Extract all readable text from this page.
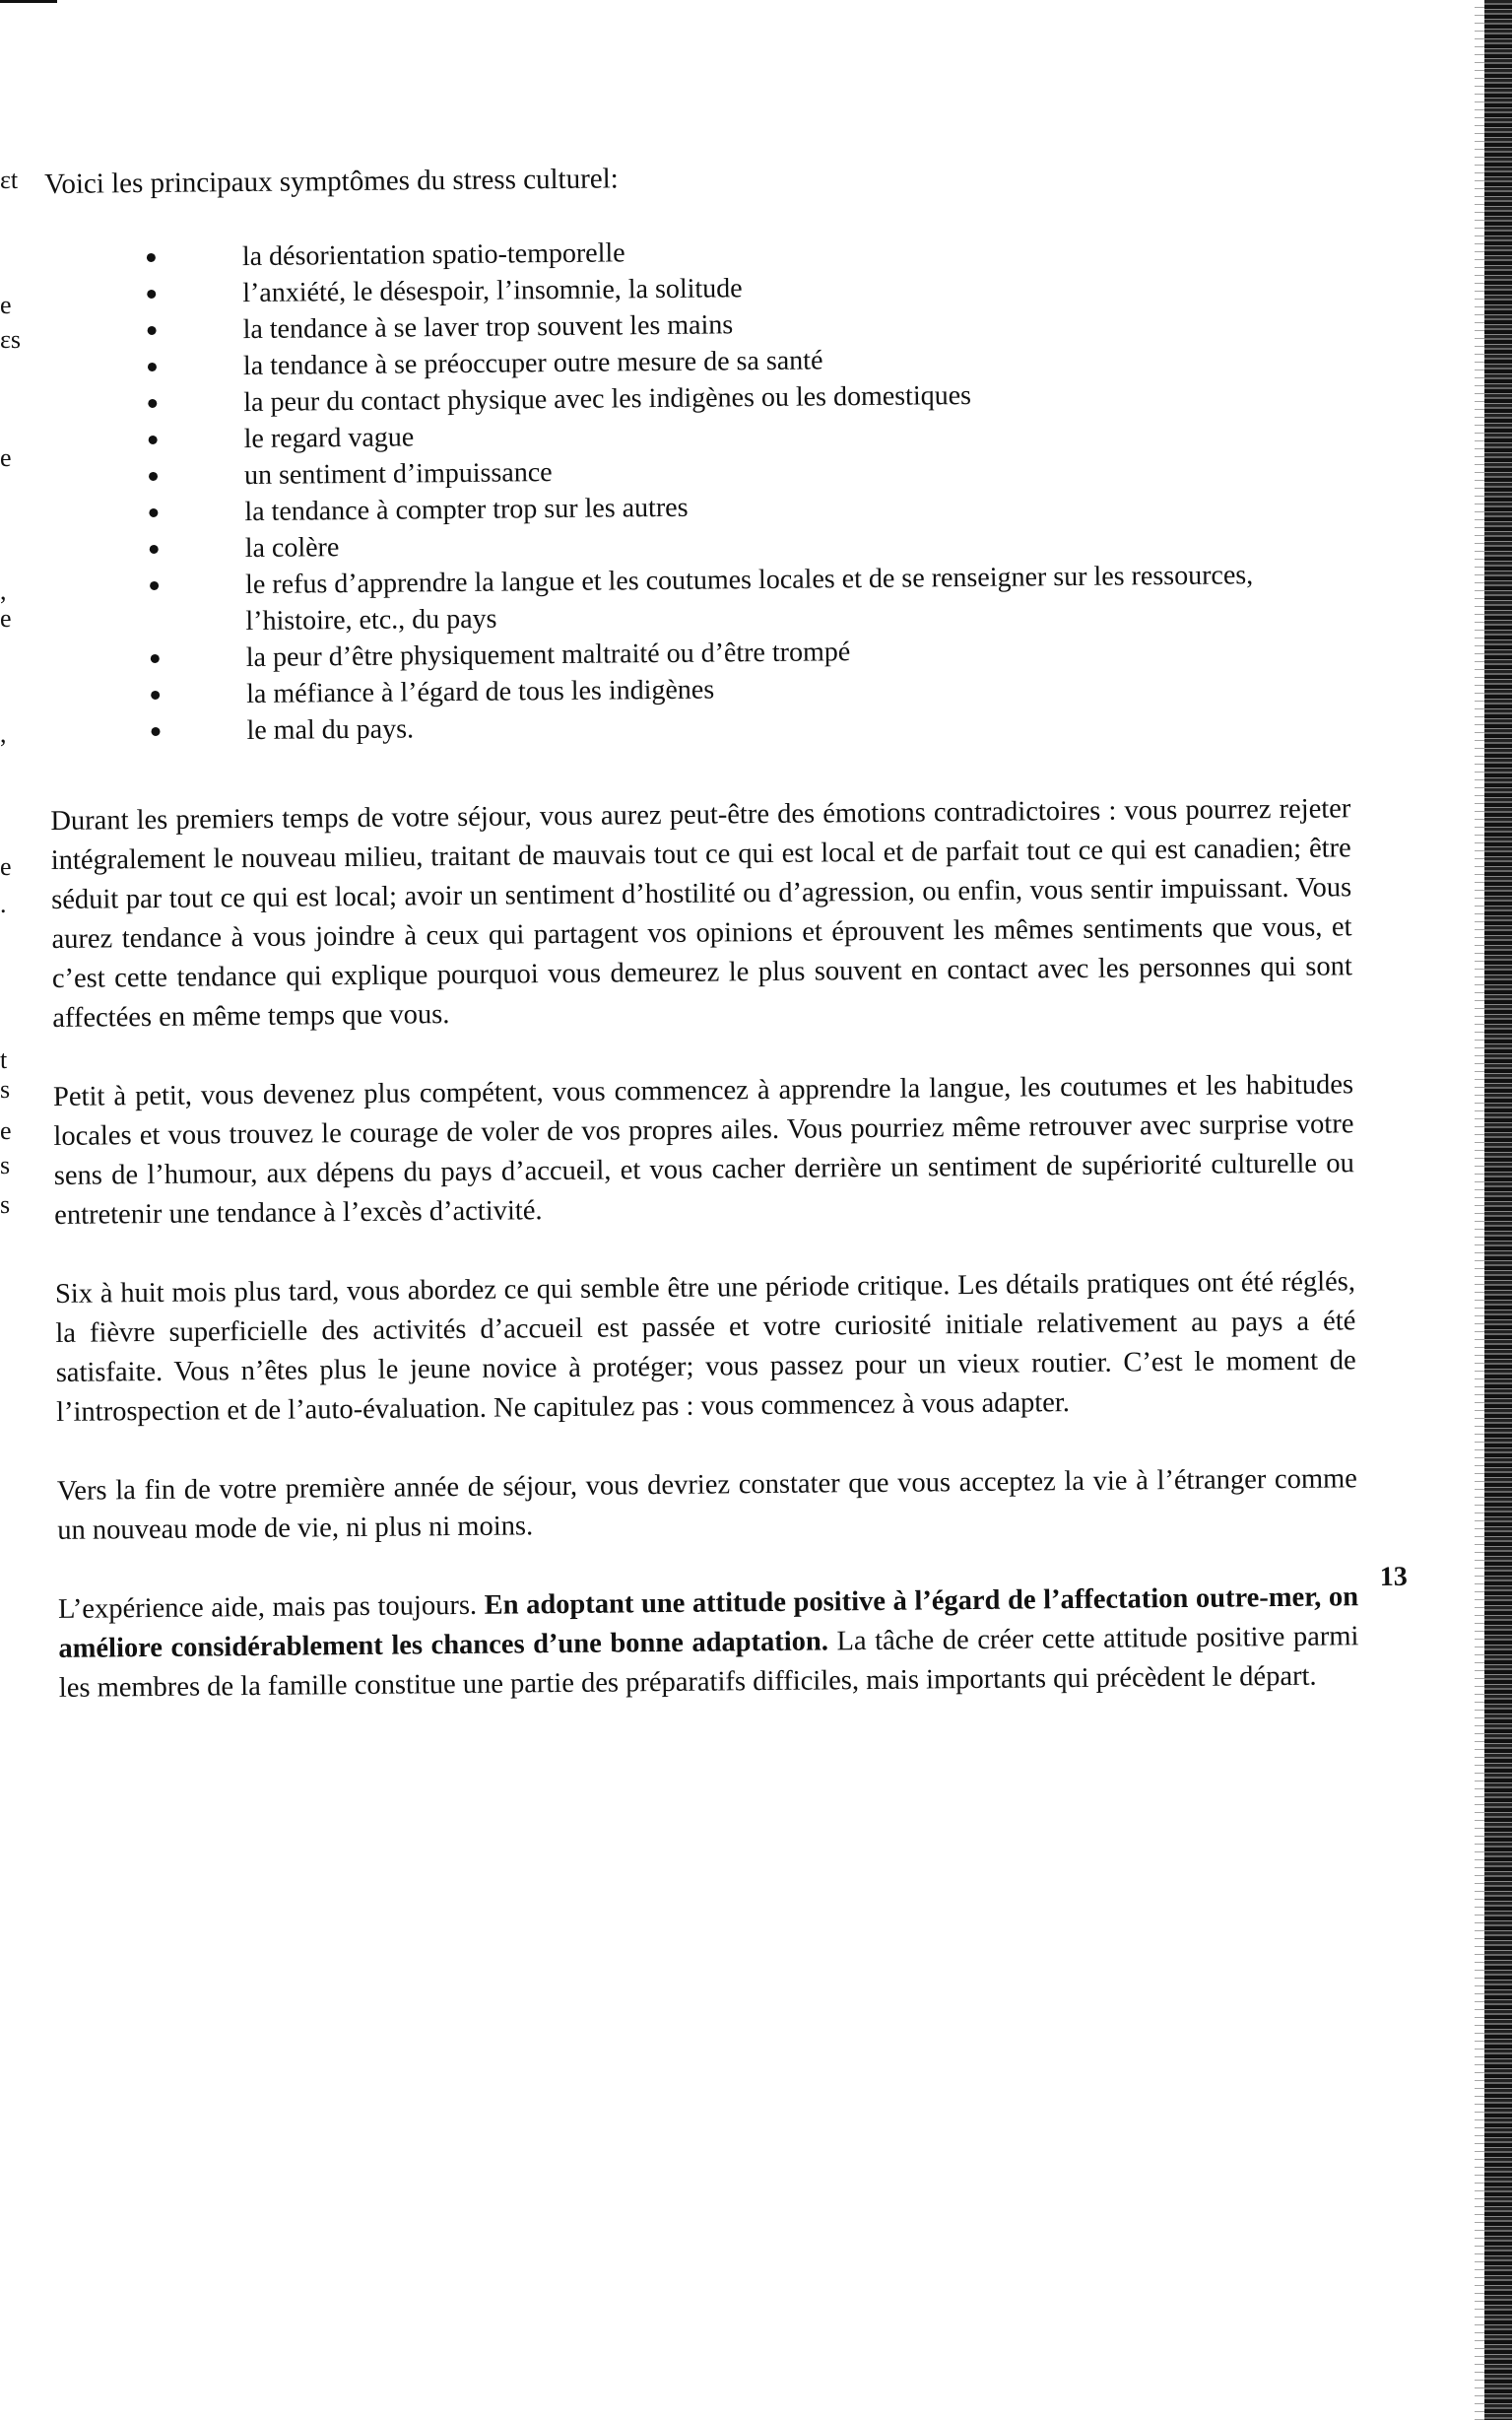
ɛt
e
ɛs
e
,
e
,
e
.
t
s
e
s
s

Voici les principaux symptômes du stress culturel:

la désorientation spatio-temporelle
l’anxiété, le désespoir, l’insomnie, la solitude
la tendance à se laver trop souvent les mains
la tendance à se préoccuper outre mesure de sa santé
la peur du contact physique avec les indigènes ou les domestiques
le regard vague
un sentiment d’impuissance
la tendance à compter trop sur les autres
la colère
le refus d’apprendre la langue et les coutumes locales et de se renseigner sur les ressources, l’histoire, etc., du pays
la peur d’être physiquement maltraité ou d’être trompé
la méfiance à l’égard de tous les indigènes
le mal du pays.

Durant les premiers temps de votre séjour, vous aurez peut-être des émotions contradictoires : vous pourrez rejeter intégralement le nouveau milieu, traitant de mauvais tout ce qui est local et de parfait tout ce qui est canadien; être séduit par tout ce qui est local; avoir un sentiment d’hostilité ou d’agression, ou enfin, vous sentir impuissant. Vous aurez tendance à vous joindre à ceux qui partagent vos opinions et éprouvent les mêmes sentiments que vous, et c’est cette tendance qui explique pourquoi vous demeurez le plus souvent en contact avec les personnes qui sont affectées en même temps que vous.

Petit à petit, vous devenez plus compétent, vous commencez à apprendre la langue, les coutumes et les habitudes locales et vous trouvez le courage de voler de vos propres ailes. Vous pourriez même retrouver avec surprise votre sens de l’humour, aux dépens du pays d’accueil, et vous cacher derrière un sentiment de supériorité culturelle ou entretenir une tendance à l’excès d’activité.

Six à huit mois plus tard, vous abordez ce qui semble être une période critique. Les détails pratiques ont été réglés, la fièvre superficielle des activités d’accueil est passée et votre curiosité initiale relativement au pays a été satisfaite. Vous n’êtes plus le jeune novice à protéger; vous passez pour un vieux routier. C’est le moment de l’introspection et de l’auto-évaluation. Ne capitulez pas : vous commencez à vous adapter.

Vers la fin de votre première année de séjour, vous devriez constater que vous acceptez la vie à l’étranger comme un nouveau mode de vie, ni plus ni moins.

L’expérience aide, mais pas toujours. En adoptant une attitude positive à l’égard de l’affectation outre-mer, on améliore considérablement les chances d’une bonne adaptation. La tâche de créer cette attitude positive parmi les membres de la famille constitue une partie des préparatifs difficiles, mais importants qui précèdent le départ.

13
